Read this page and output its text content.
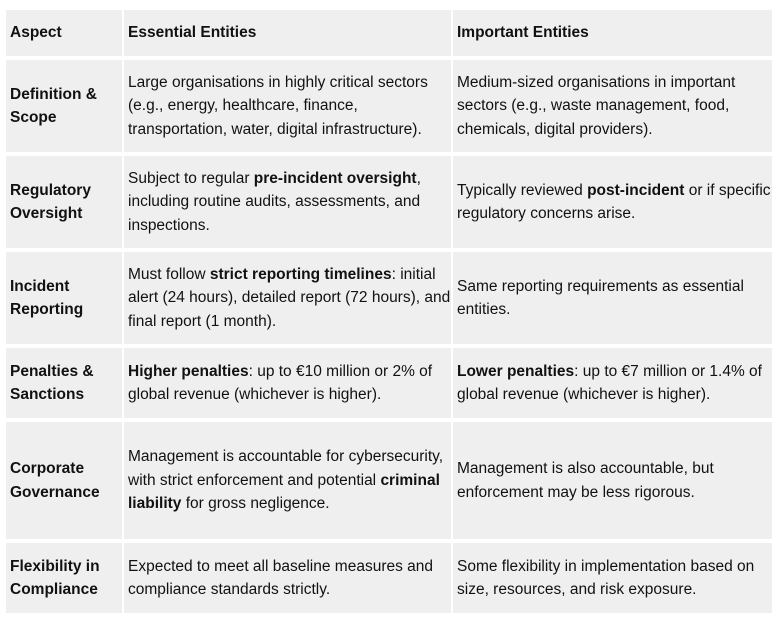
Aspect	Essential Entities	Important Entities
Definition & Scope	Large organisations in highly critical sectors (e.g., energy, healthcare, finance, transportation, water, digital infrastructure).	Medium-sized organisations in important sectors (e.g., waste management, food, chemicals, digital providers).
Regulatory Oversight	Subject to regular pre-incident oversight, including routine audits, assessments, and inspections.	Typically reviewed post-incident or if specific regulatory concerns arise.
Incident Reporting	Must follow strict reporting timelines: initial alert (24 hours), detailed report (72 hours), and final report (1 month).	Same reporting requirements as essential entities.
Penalties & Sanctions	Higher penalties: up to €10 million or 2% of global revenue (whichever is higher).	Lower penalties: up to €7 million or 1.4% of global revenue (whichever is higher).
Corporate Governance	Management is accountable for cybersecurity, with strict enforcement and potential criminal liability for gross negligence.	Management is also accountable, but enforcement may be less rigorous.
Flexibility in Compliance	Expected to meet all baseline measures and compliance standards strictly.	Some flexibility in implementation based on size, resources, and risk exposure.
